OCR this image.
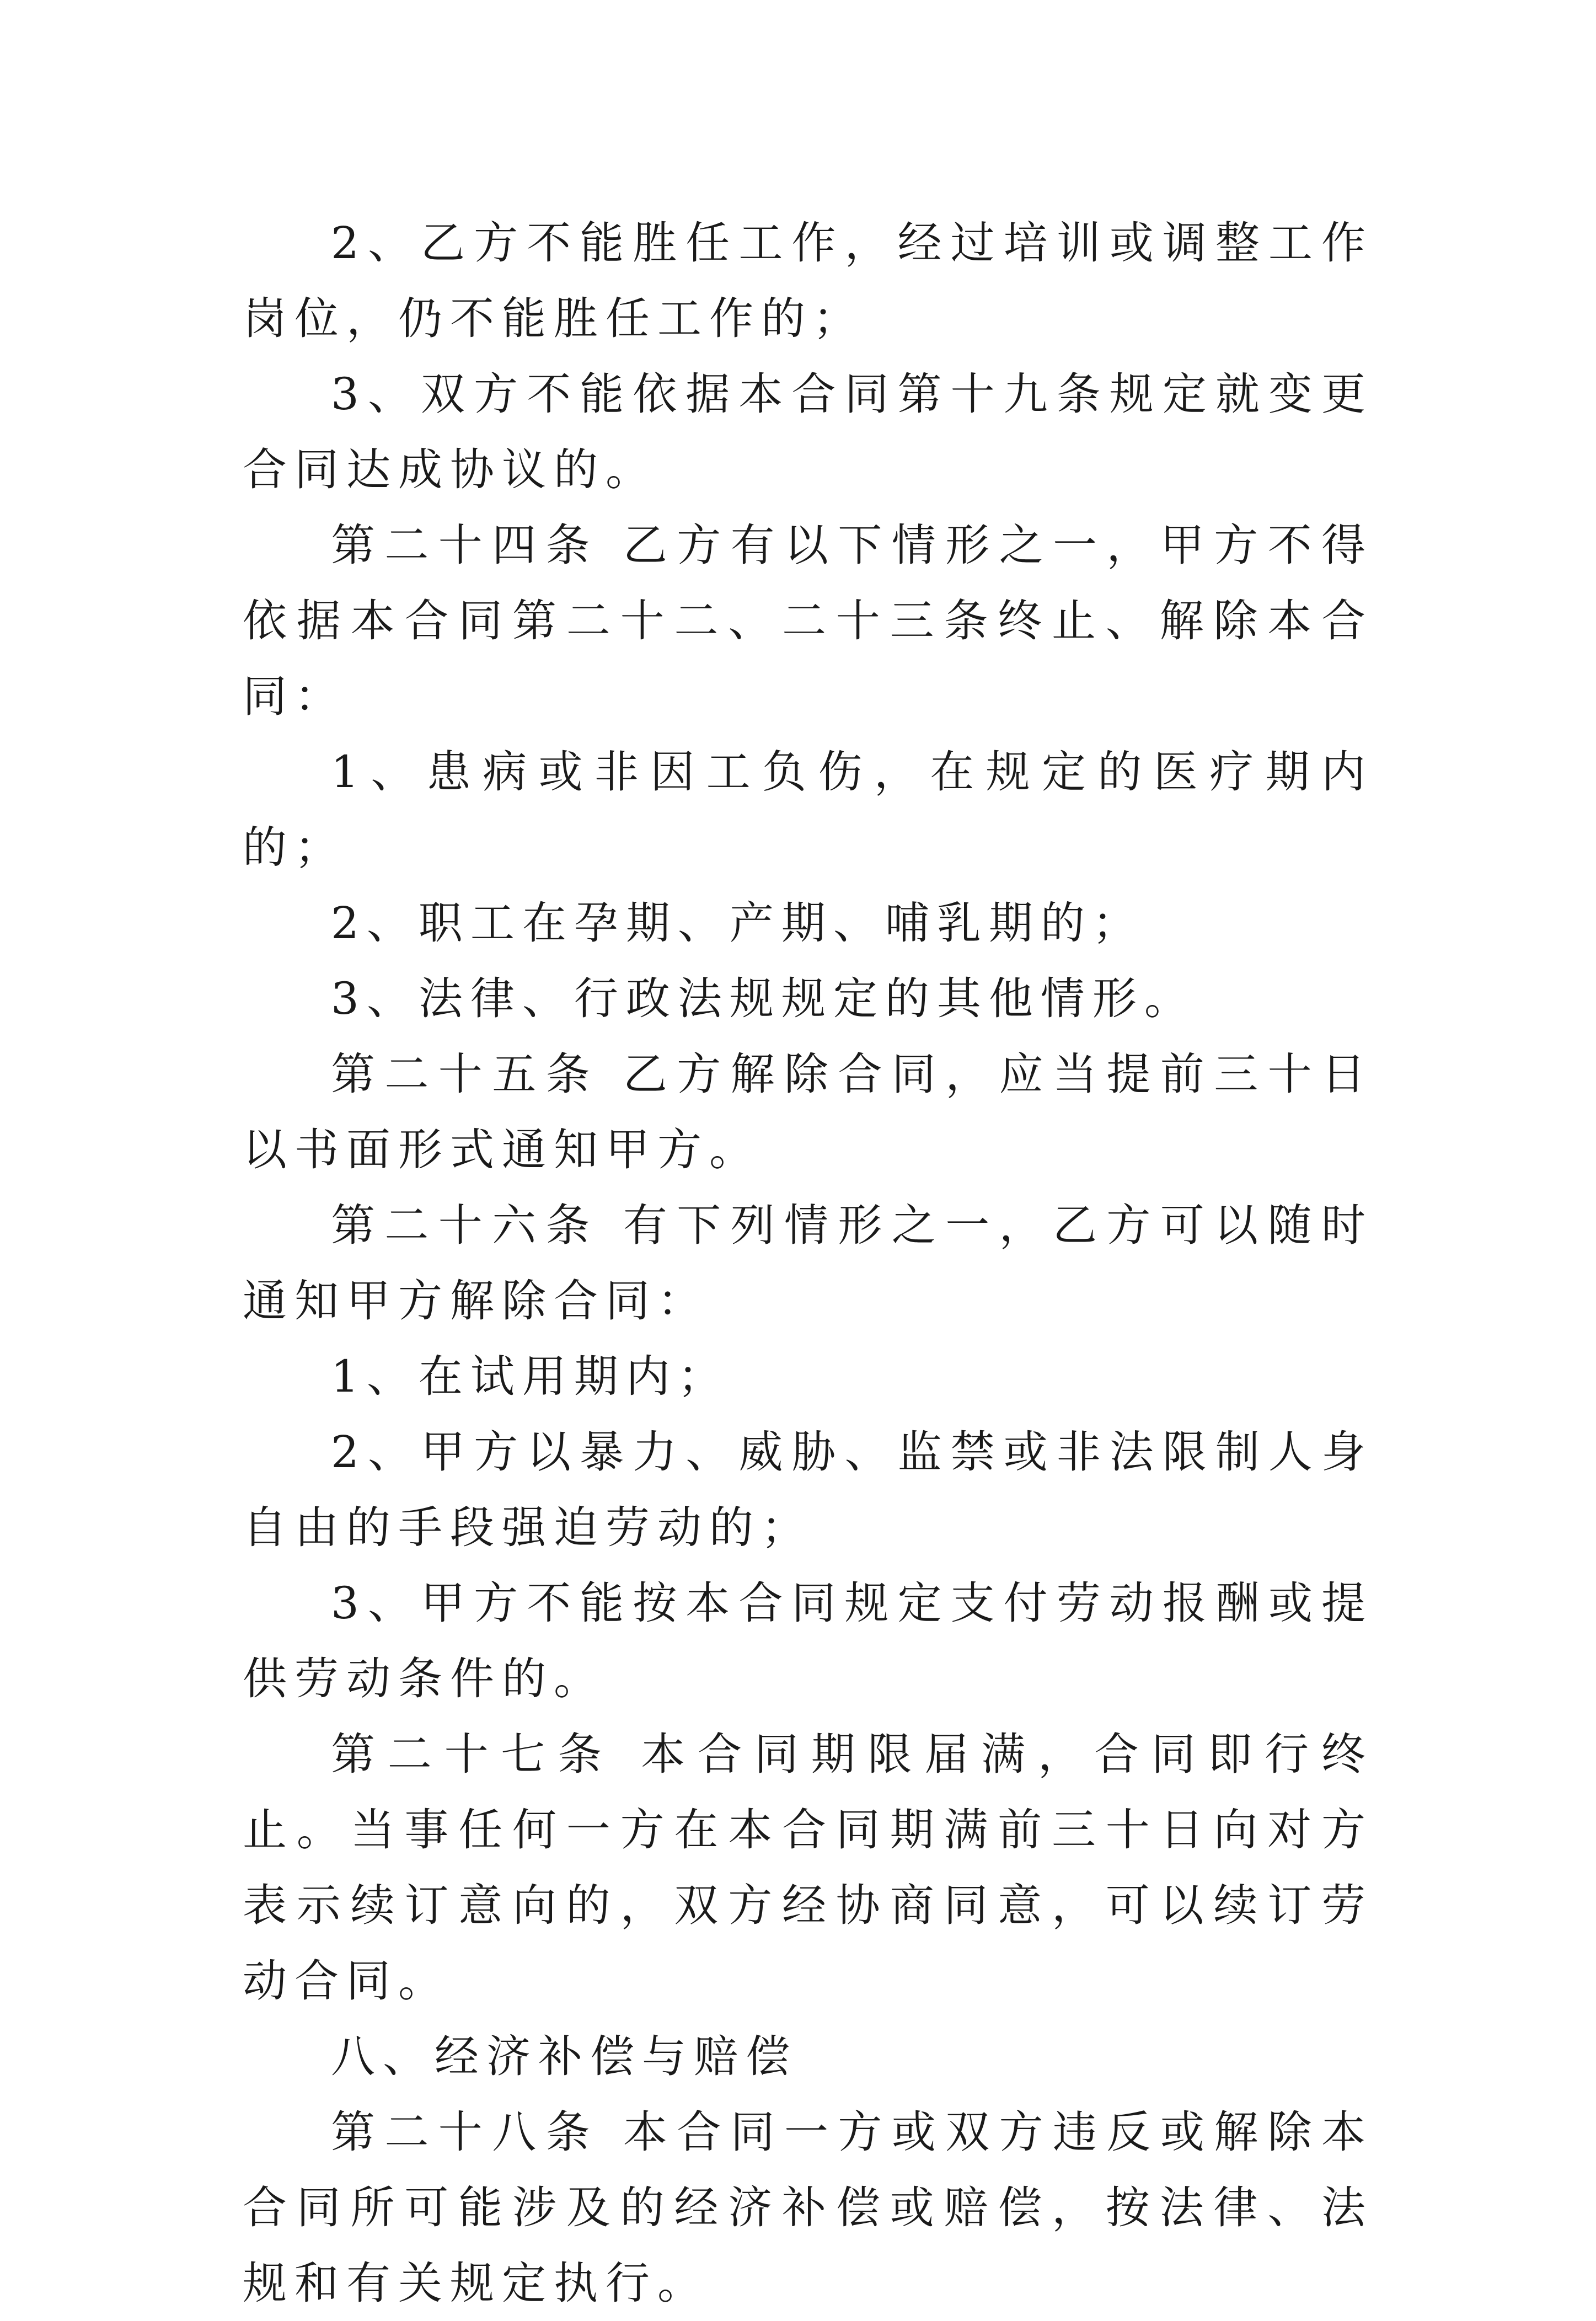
2、乙方不能胜任工作，经过培训或调整工作岗位，仍不能胜任工作的；

3、双方不能依据本合同第十九条规定就变更合同达成协议的。

第二十四条 乙方有以下情形之一，甲方不得依据本合同第二十二、二十三条终止、解除本合同：

1、患病或非因工负伤，在规定的医疗期内的；

2、职工在孕期、产期、哺乳期的；

3、法律、行政法规规定的其他情形。

第二十五条 乙方解除合同，应当提前三十日以书面形式通知甲方。

第二十六条 有下列情形之一，乙方可以随时通知甲方解除合同：

1、在试用期内；

2、甲方以暴力、威胁、监禁或非法限制人身自由的手段强迫劳动的；

3、甲方不能按本合同规定支付劳动报酬或提供劳动条件的。

第二十七条 本合同期限届满，合同即行终止。当事任何一方在本合同期满前三十日向对方表示续订意向的，双方经协商同意，可以续订劳动合同。

八、经济补偿与赔偿

第二十八条 本合同一方或双方违反或解除本合同所可能涉及的经济补偿或赔偿，按法律、法规和有关规定执行。
